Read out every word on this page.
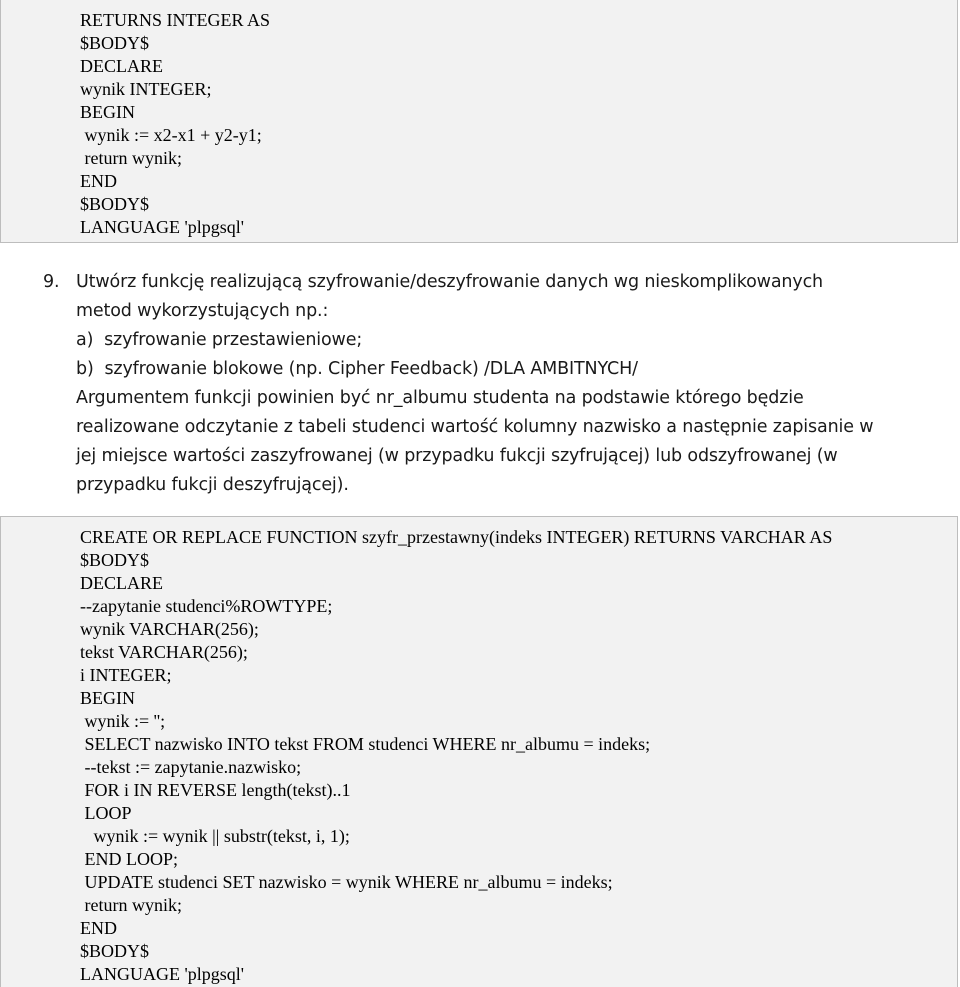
RETURNS INTEGER AS
$BODY$
DECLARE
wynik INTEGER;
BEGIN
wynik := x2-x1 + y2-y1;
return wynik;
END
$BODY$
LANGUAGE 'plpgsql'
9. Utwórz funkcję realizującą szyfrowanie/deszyfrowanie danych wg nieskomplikowanych
metod wykorzystujących np.:
a)  szyfrowanie przestawieniowe;
b)  szyfrowanie blokowe (np. Cipher Feedback) /DLA AMBITNYCH/
Argumentem funkcji powinien być nr_albumu studenta na podstawie którego będzie
realizowane odczytanie z tabeli studenci wartość kolumny nazwisko a następnie zapisanie w
jej miejsce wartości zaszyfrowanej (w przypadku fukcji szyfrującej) lub odszyfrowanej (w
przypadku fukcji deszyfrującej).
CREATE OR REPLACE FUNCTION szyfr_przestawny(indeks INTEGER) RETURNS VARCHAR AS
$BODY$
DECLARE
--zapytanie studenci%ROWTYPE;
wynik VARCHAR(256);
tekst VARCHAR(256);
i INTEGER;
BEGIN
wynik := '';
SELECT nazwisko INTO tekst FROM studenci WHERE nr_albumu = indeks;
--tekst := zapytanie.nazwisko;
FOR i IN REVERSE length(tekst)..1
LOOP
wynik := wynik || substr(tekst, i, 1);
END LOOP;
UPDATE studenci SET nazwisko = wynik WHERE nr_albumu = indeks;
return wynik;
END
$BODY$
LANGUAGE 'plpgsql'
